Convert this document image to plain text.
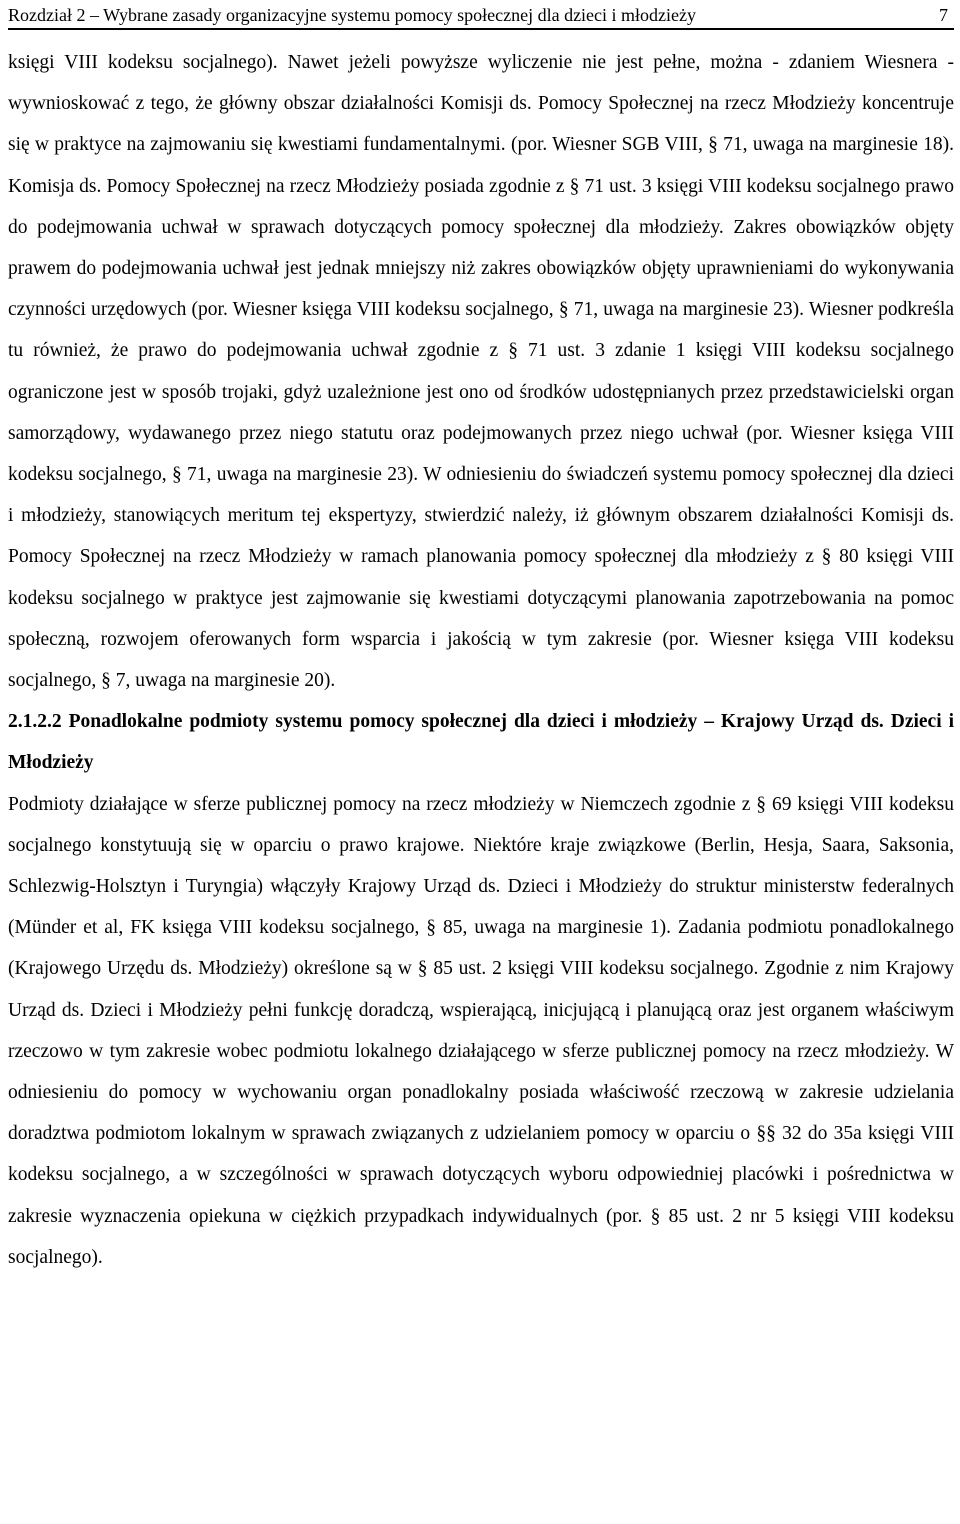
Rozdział 2 – Wybrane zasady organizacyjne systemu pomocy społecznej dla dzieci i młodzieży	7

księgi VIII kodeksu socjalnego). Nawet jeżeli powyższe wyliczenie nie jest pełne, można - zdaniem Wiesnera - wywnioskować z tego, że główny obszar działalności Komisji ds. Pomocy Społecznej na rzecz Młodzieży koncentruje się w praktyce na zajmowaniu się kwestiami fundamentalnymi. (por. Wiesner SGB VIII, § 71, uwaga na marginesie 18). Komisja ds. Pomocy Społecznej na rzecz Młodzieży posiada zgodnie z § 71 ust. 3 księgi VIII kodeksu socjalnego prawo do podejmowania uchwał w sprawach dotyczących pomocy społecznej dla młodzieży. Zakres obowiązków objęty prawem do podejmowania uchwał jest jednak mniejszy niż zakres obowiązków objęty uprawnieniami do wykonywania czynności urzędowych (por. Wiesner księga VIII kodeksu socjalnego, § 71, uwaga na marginesie 23). Wiesner podkreśla tu również, że prawo do podejmowania uchwał zgodnie z § 71 ust. 3 zdanie 1 księgi VIII kodeksu socjalnego ograniczone jest w sposób trojaki, gdyż uzależnione jest ono od środków udostępnianych przez przedstawicielski organ samorządowy, wydawanego przez niego statutu oraz podejmowanych przez niego uchwał (por. Wiesner księga VIII kodeksu socjalnego, § 71, uwaga na marginesie 23). W odniesieniu do świadczeń systemu pomocy społecznej dla dzieci i młodzieży, stanowiących meritum tej ekspertyzy, stwierdzić należy, iż głównym obszarem działalności Komisji ds. Pomocy Społecznej na rzecz Młodzieży w ramach planowania pomocy społecznej dla młodzieży z § 80 księgi VIII kodeksu socjalnego w praktyce jest zajmowanie się kwestiami dotyczącymi planowania zapotrzebowania na pomoc społeczną, rozwojem oferowanych form wsparcia i jakością w tym zakresie (por. Wiesner księga VIII kodeksu socjalnego, § 7, uwaga na marginesie 20).

2.1.2.2 Ponadlokalne podmioty systemu pomocy społecznej dla dzieci i młodzieży – Krajowy Urząd ds. Dzieci i Młodzieży

Podmioty działające w sferze publicznej pomocy na rzecz młodzieży w Niemczech zgodnie z § 69 księgi VIII kodeksu socjalnego konstytuują się w oparciu o prawo krajowe. Niektóre kraje związkowe (Berlin, Hesja, Saara, Saksonia, Schlezwig-Holsztyn i Turyngia) włączyły Krajowy Urząd ds. Dzieci i Młodzieży do struktur ministerstw federalnych (Münder et al, FK księga VIII kodeksu socjalnego, § 85, uwaga na marginesie 1). Zadania podmiotu ponadlokalnego (Krajowego Urzędu ds. Młodzieży) określone są w § 85 ust. 2 księgi VIII kodeksu socjalnego. Zgodnie z nim Krajowy Urząd ds. Dzieci i Młodzieży pełni funkcję doradczą, wspierającą, inicjującą i planującą oraz jest organem właściwym rzeczowo w tym zakresie wobec podmiotu lokalnego działającego w sferze publicznej pomocy na rzecz młodzieży. W odniesieniu do pomocy w wychowaniu organ ponadlokalny posiada właściwość rzeczową w zakresie udzielania doradztwa podmiotom lokalnym w sprawach związanych z udzielaniem pomocy w oparciu o §§ 32 do 35a księgi VIII kodeksu socjalnego, a w szczególności w sprawach dotyczących wyboru odpowiedniej placówki i pośrednictwa w zakresie wyznaczenia opiekuna w ciężkich przypadkach indywidualnych (por. § 85 ust. 2 nr 5 księgi VIII kodeksu socjalnego).
